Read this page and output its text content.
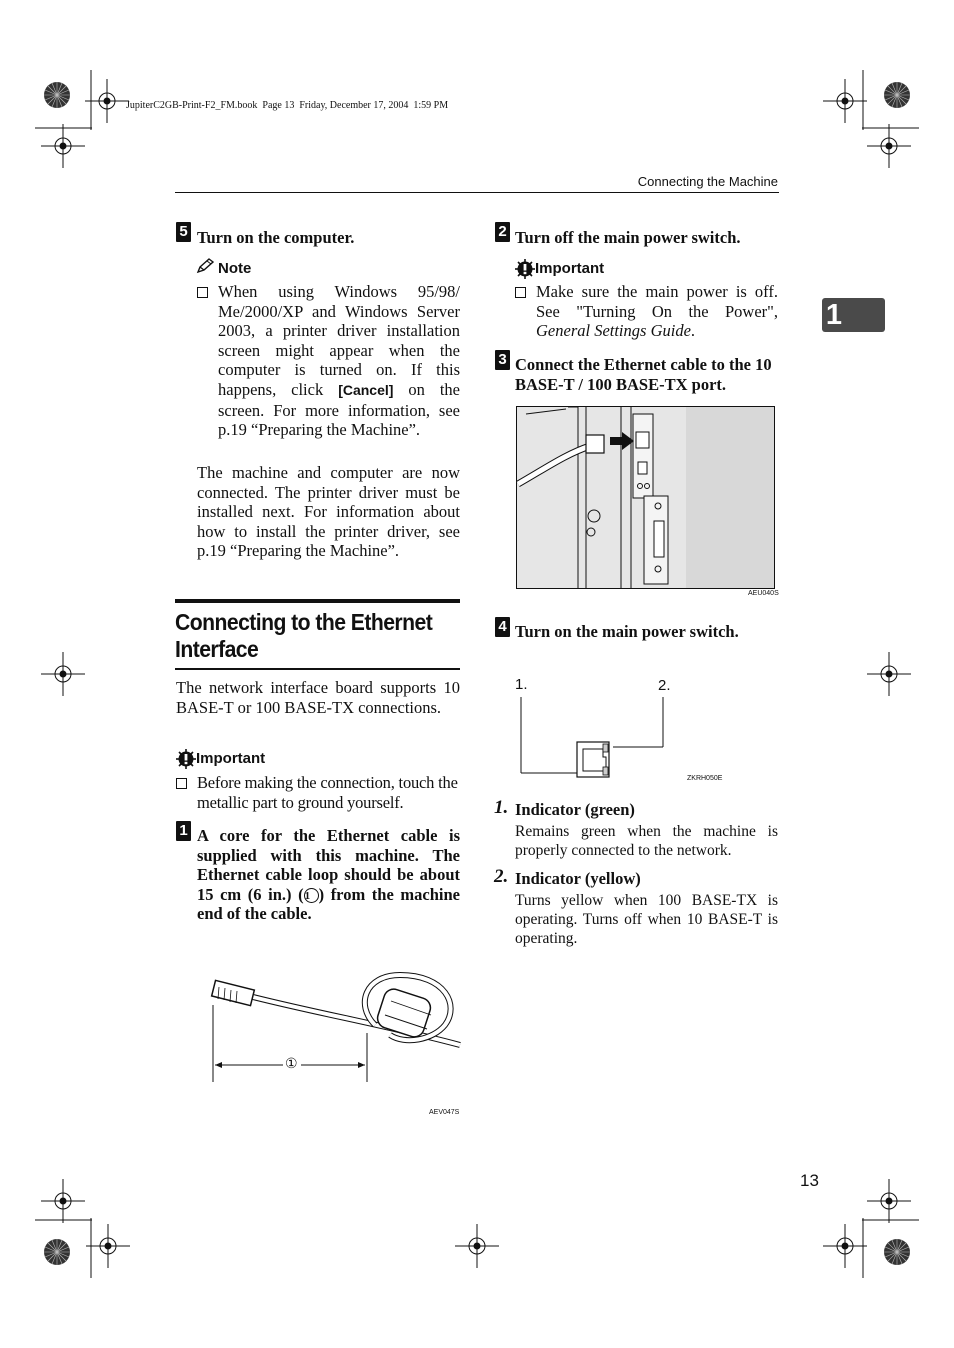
JupiterC2GB-Print-F2_FM.book  Page 13  Friday, December 17, 2004  1:59 PM
Connecting the Machine
1
5 Turn on the computer.
Note
When using Windows 95/98/ Me/2000/XP and Windows Server 2003, a printer driver installation screen might appear when the computer is turned on. If this happens, click [Cancel] on the screen. For more information, see p.19 “Preparing the Machine”.
The machine and computer are now connected. The printer driver must be installed next. For information about how to install the printer driver, see p.19 “Preparing the Machine”.
Connecting to the Ethernet
Interface
The network interface board supports 10 BASE-T or 100 BASE-TX connections.
Important
Before making the connection, touch the metallic part to ground yourself.
1 A core for the Ethernet cable is supplied with this machine. The Ethernet cable loop should be about 15 cm (6 in.) (1 ) from the machine end of the cable.
①
AEV047S
2 Turn off the main power switch.
Important
Make sure the main power is off. See "Turning On the Power", General Settings Guide.
3 Connect the Ethernet cable to the 10 BASE-T / 100 BASE-TX port.
AEU040S
4 Turn on the main power switch.
1.	2.
ZKRH050E
1. Indicator (green)
Remains green when the machine is properly connected to the network.
2. Indicator (yellow)
Turns yellow when 100 BASE-TX is operating. Turns off when 10 BASE-T is operating.
13
